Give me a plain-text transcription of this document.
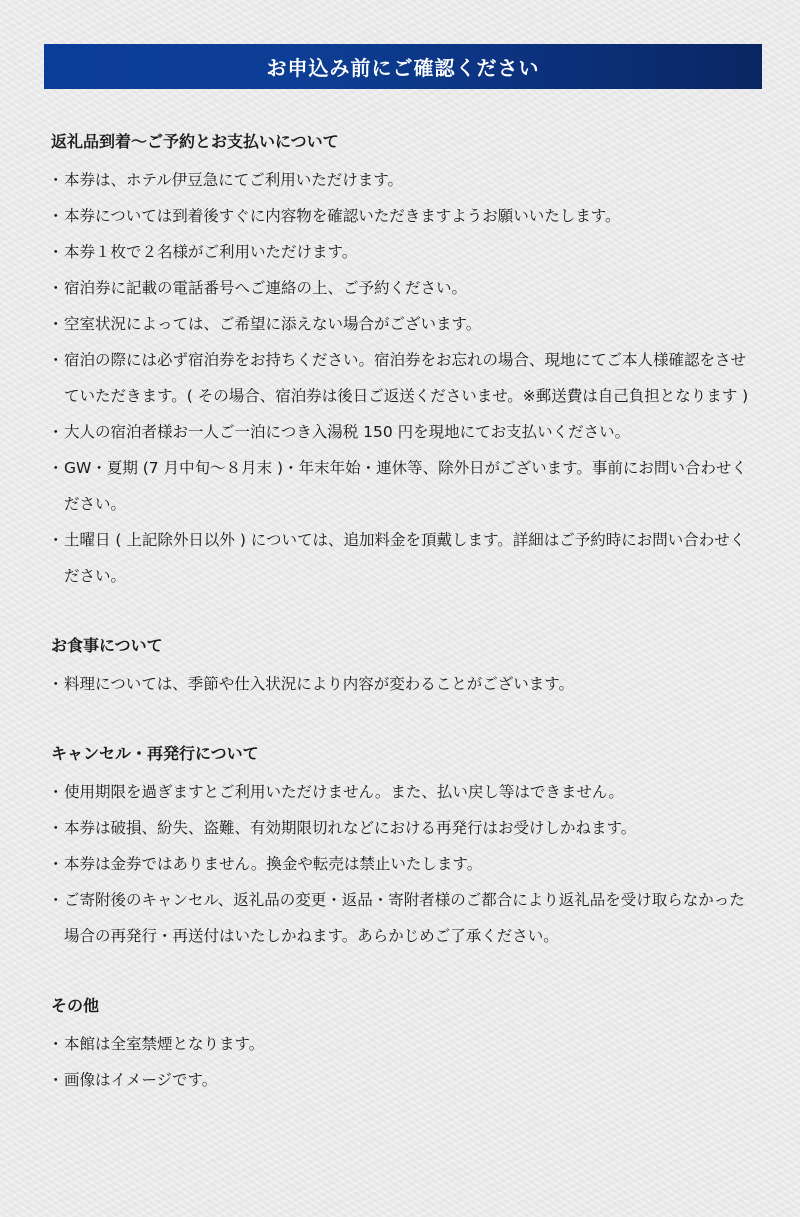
お申込み前にご確認ください
返礼品到着〜ご予約とお支払いについて
・ 本券は、ホテル伊豆急にてご利用いただけます。
・ 本券については到着後すぐに内容物を確認いただきますようお願いいたします。
・ 本券１枚で２名様がご利用いただけます。
・ 宿泊券に記載の電話番号へご連絡の上、ご予約ください。
・ 空室状況によっては、ご希望に添えない場合がございます。
・ 宿泊の際には必ず宿泊券をお持ちください。宿泊券をお忘れの場合、現地にてご本人様確認をさせていただきます。( その場合、宿泊券は後日ご返送くださいませ。※郵送費は自己負担となります )
・ 大人の宿泊者様お一人ご一泊につき入湯税 150 円を現地にてお支払いください。
・ GW・夏期 (7 月中旬〜８月末 )・年末年始・連休等、除外日がございます。事前にお問い合わせください。
・ 土曜日 ( 上記除外日以外 ) については、追加料金を頂戴します。詳細はご予約時にお問い合わせください。
お食事について
・ 料理については、季節や仕入状況により内容が変わることがございます。
キャンセル・再発行について
・ 使用期限を過ぎますとご利用いただけません。また、払い戻し等はできません。
・ 本券は破損、紛失、盗難、有効期限切れなどにおける再発行はお受けしかねます。
・ 本券は金券ではありません。換金や転売は禁止いたします。
・ ご寄附後のキャンセル、返礼品の変更・返品・寄附者様のご都合により返礼品を受け取らなかった場合の再発行・再送付はいたしかねます。あらかじめご了承ください。
その他
・ 本館は全室禁煙となります。
・ 画像はイメージです。
